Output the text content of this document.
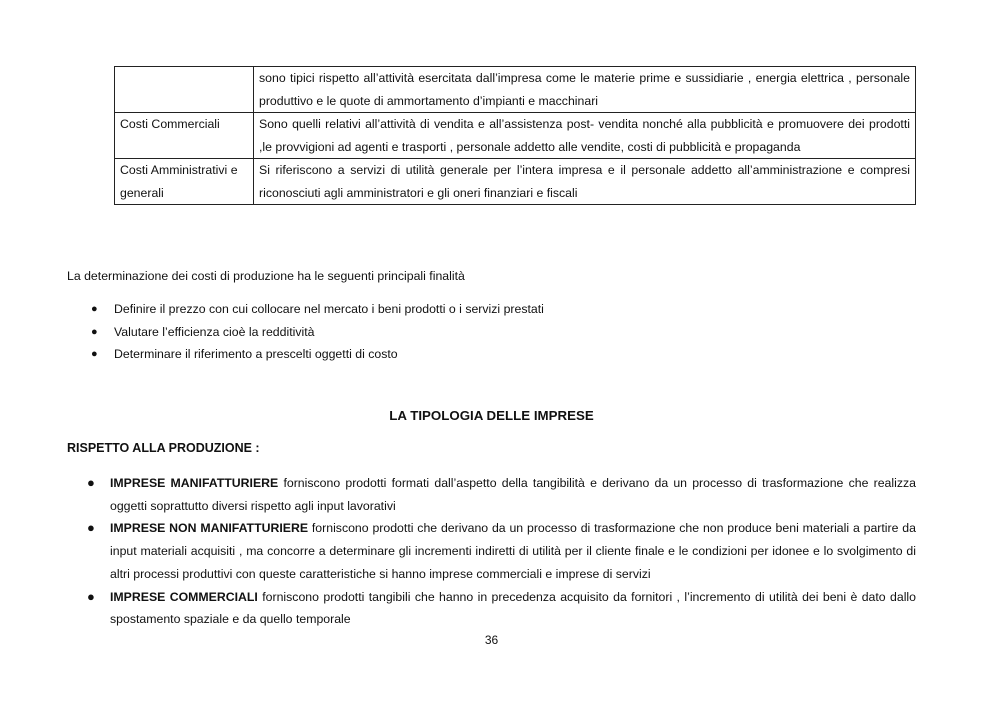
	sono tipici rispetto all’attività esercitata dall’impresa come le materie prime e sussidiarie , energia elettrica , personale produttivo e le quote di ammortamento d’impianti e macchinari
Costi Commerciali	Sono quelli relativi all’attività di vendita e all’assistenza post- vendita nonché alla pubblicità e promuovere dei prodotti ,le provvigioni ad agenti e trasporti , personale addetto alle vendite, costi di pubblicità e propaganda
Costi Amministrativi e generali	Si riferiscono a servizi di utilità generale per l’intera impresa e il personale addetto all’amministrazione e compresi riconosciuti agli amministratori e gli oneri finanziari e fiscali
La determinazione dei costi di produzione ha le seguenti principali finalità
● Definire il prezzo con cui collocare nel mercato i beni prodotti o i servizi prestati
● Valutare l’efficienza cioè la redditività
● Determinare il riferimento a prescelti oggetti di costo
LA TIPOLOGIA DELLE IMPRESE
RISPETTO ALLA PRODUZIONE :
● IMPRESE MANIFATTURIERE forniscono prodotti formati dall’aspetto della tangibilità e derivano da un processo di trasformazione che realizza oggetti soprattutto diversi rispetto agli input lavorativi
● IMPRESE NON MANIFATTURIERE forniscono prodotti che derivano da un processo di trasformazione che non produce beni materiali a partire da input materiali acquisiti , ma concorre a determinare gli incrementi indiretti di utilità per il cliente finale e le condizioni per idonee e lo svolgimento di altri processi produttivi con queste caratteristiche si hanno imprese commerciali e imprese di servizi
● IMPRESE COMMERCIALI forniscono prodotti tangibili che hanno in precedenza acquisito da fornitori , l’incremento di utilità dei beni è dato dallo spostamento spaziale e da quello temporale
36
